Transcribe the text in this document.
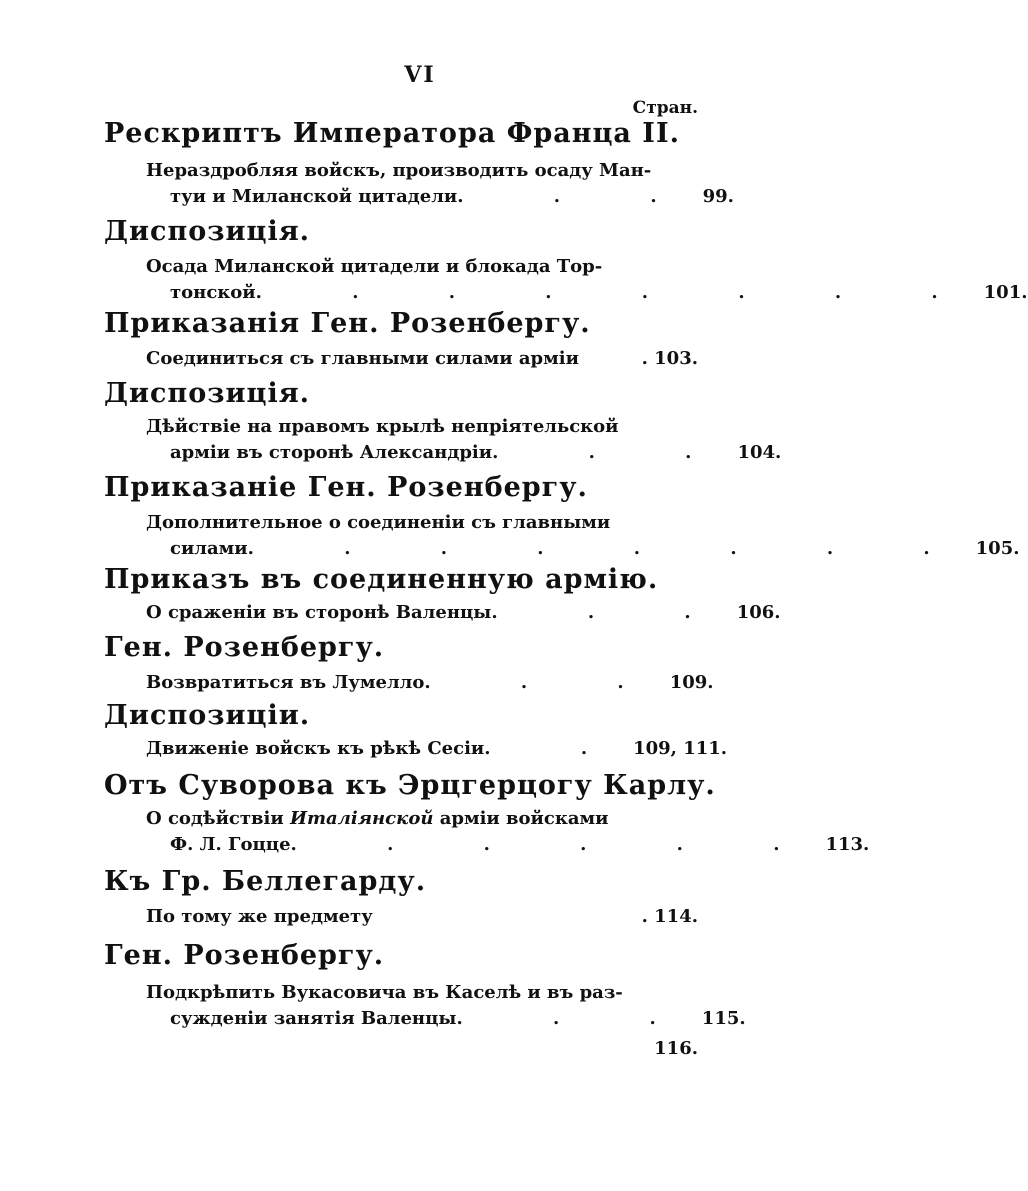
VI
Стран.
Рескриптъ Императора Франца II.
Нераздробляя войскъ, производить осаду Ман-
туи и Миланской цитадели . . . 99.
Диспозиція.
Осада Миланской цитадели и блокада Тор-
тонской . . . . . . . . 101.
Приказанія Ген. Розенбергу.
Соединиться съ главными силами арміи	. 103.
Диспозиція.
Дѣйствіе на правомъ крылѣ непріятельской
арміи въ сторонѣ Александріи . . . 104.
Приказаніе Ген. Розенбергу.
Дополнительное о соединеніи съ главными
силами . . . . . . . . 105.
Приказъ въ соединенную армію.
О сраженіи въ сторонѣ Валенцы . . . 106.
Ген. Розенбергу.
Возвратиться въ Лумелло . . . 109.
Диспозиціи.
Движеніе войскъ къ рѣкѣ Сесіи . . 109, 111.
Отъ Суворова къ Эрцгерцогу Карлу.
О содѣйствіи Италіянской арміи войсками
Ф. Л. Гоцце . . . . . . 113.
Къ Гр. Беллегарду.
По тому же предмету	. 114.
Ген. Розенбергу.
Подкрѣпить Вукасовича въ Каселѣ и въ раз-
сужденіи занятія Валенцы . . . 115.
116.
